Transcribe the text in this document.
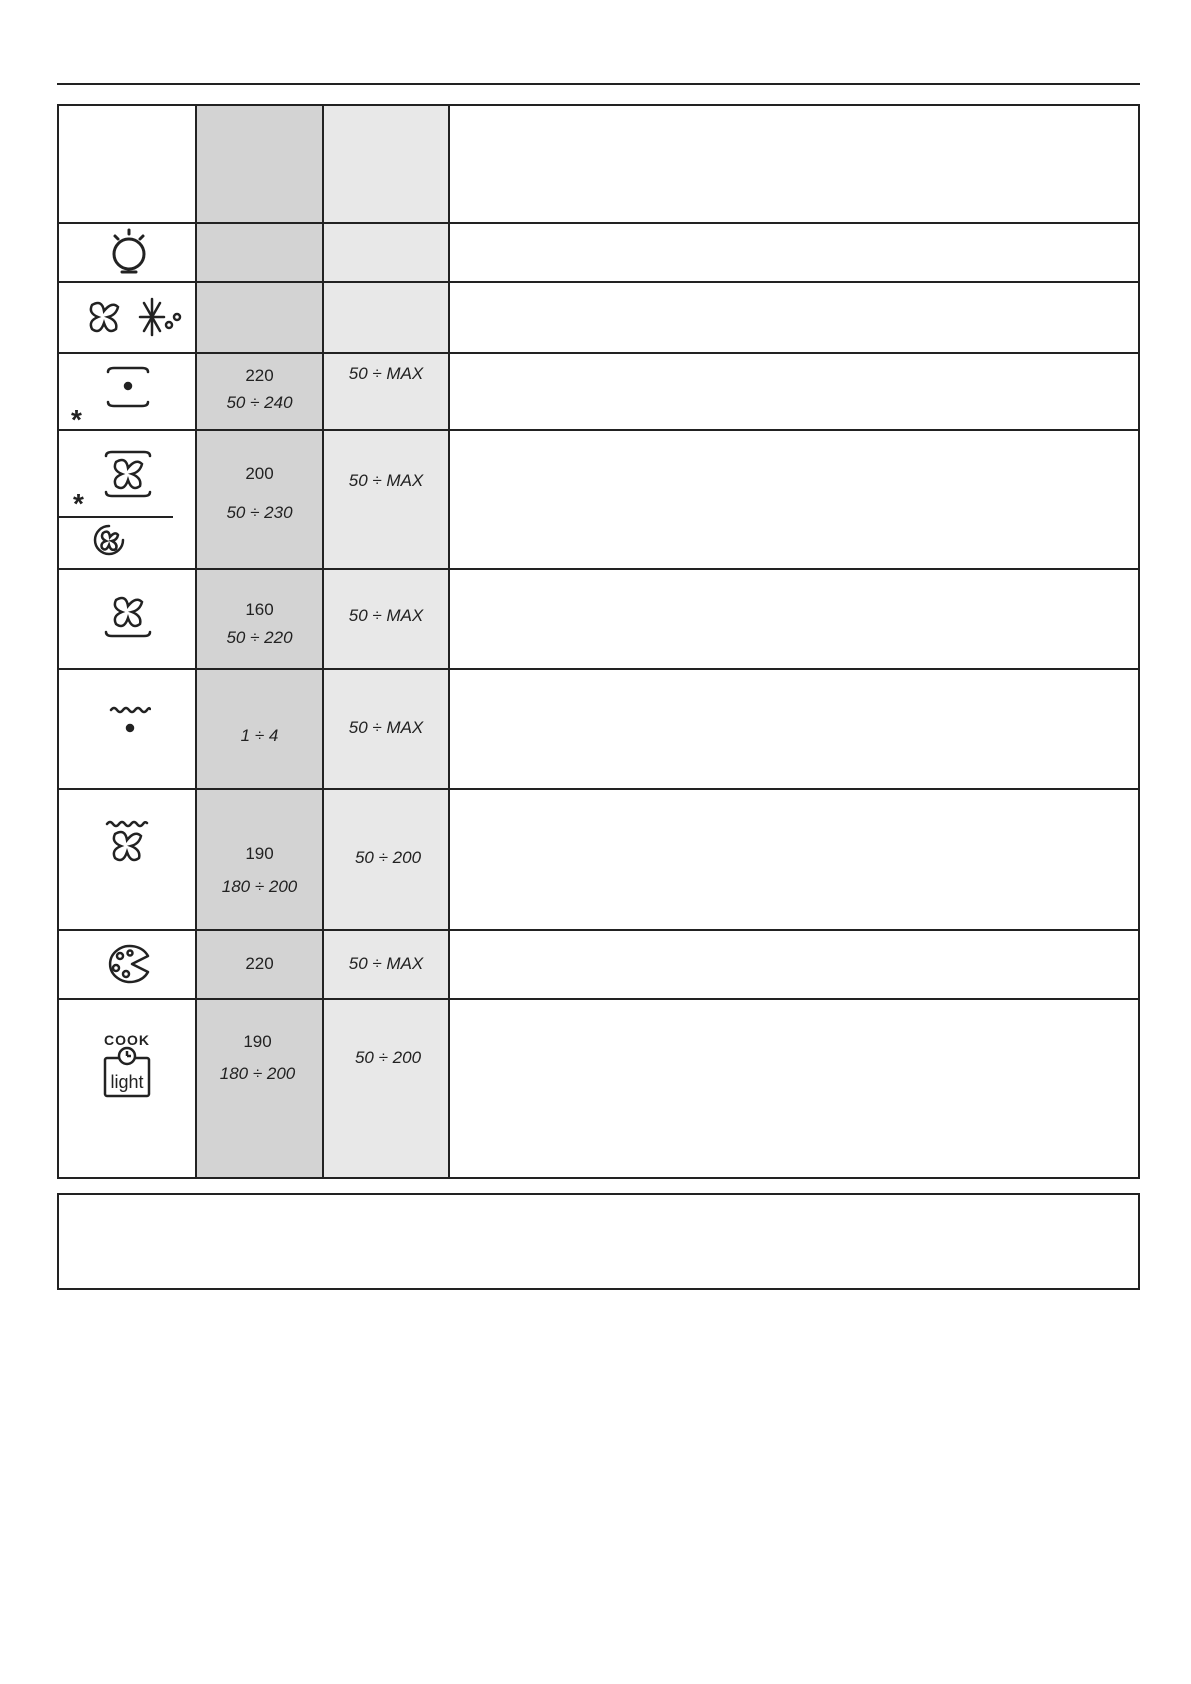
*
220
50 ÷ 240
50 ÷ MAX
*
200
50 ÷ 230
50 ÷ MAX
160
50 ÷ 220
50 ÷ MAX
1 ÷ 4	50 ÷ MAX
190
180 ÷ 200
50 ÷ 200
220	50 ÷ MAX
COOK
light
190
180 ÷ 200
50 ÷ 200
